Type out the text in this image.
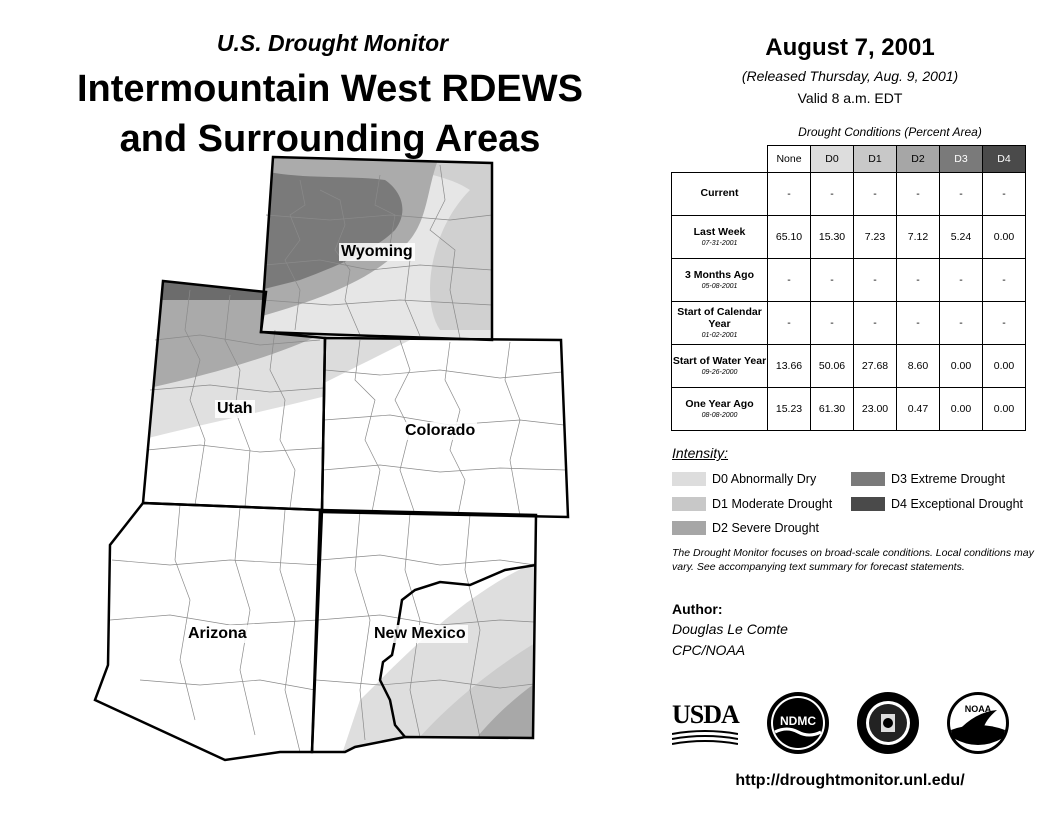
U.S. Drought Monitor
Intermountain West RDEWS
and Surrounding Areas
Wyoming
Utah
Colorado
Arizona	New Mexico
August 7, 2001
(Released Thursday, Aug. 9, 2001)
Valid 8 a.m. EDT
Drought Conditions (Percent Area)
	None	D0	D1	D2	D3	D4
Current	-	-	-	-	-	-
Last Week
07-31-2001	65.10	15.30	7.23	7.12	5.24	0.00
3 Months Ago
05-08-2001	-	-	-	-	-	-
Start of Calendar Year
01-02-2001	-	-	-	-	-	-
Start of Water Year
09-26-2000	13.66	50.06	27.68	8.60	0.00	0.00
One Year Ago
08-08-2000	15.23	61.30	23.00	0.47	0.00	0.00
Intensity:
D0 Abnormally Dry
D1 Moderate Drought
D2 Severe Drought
D3 Extreme Drought
D4 Exceptional Drought
The Drought Monitor focuses on broad-scale conditions. Local conditions may vary. See accompanying text summary for forecast statements.
Author:
Douglas Le Comte
CPC/NOAA
USDA	NDMC
NOAA
http://droughtmonitor.unl.edu/
